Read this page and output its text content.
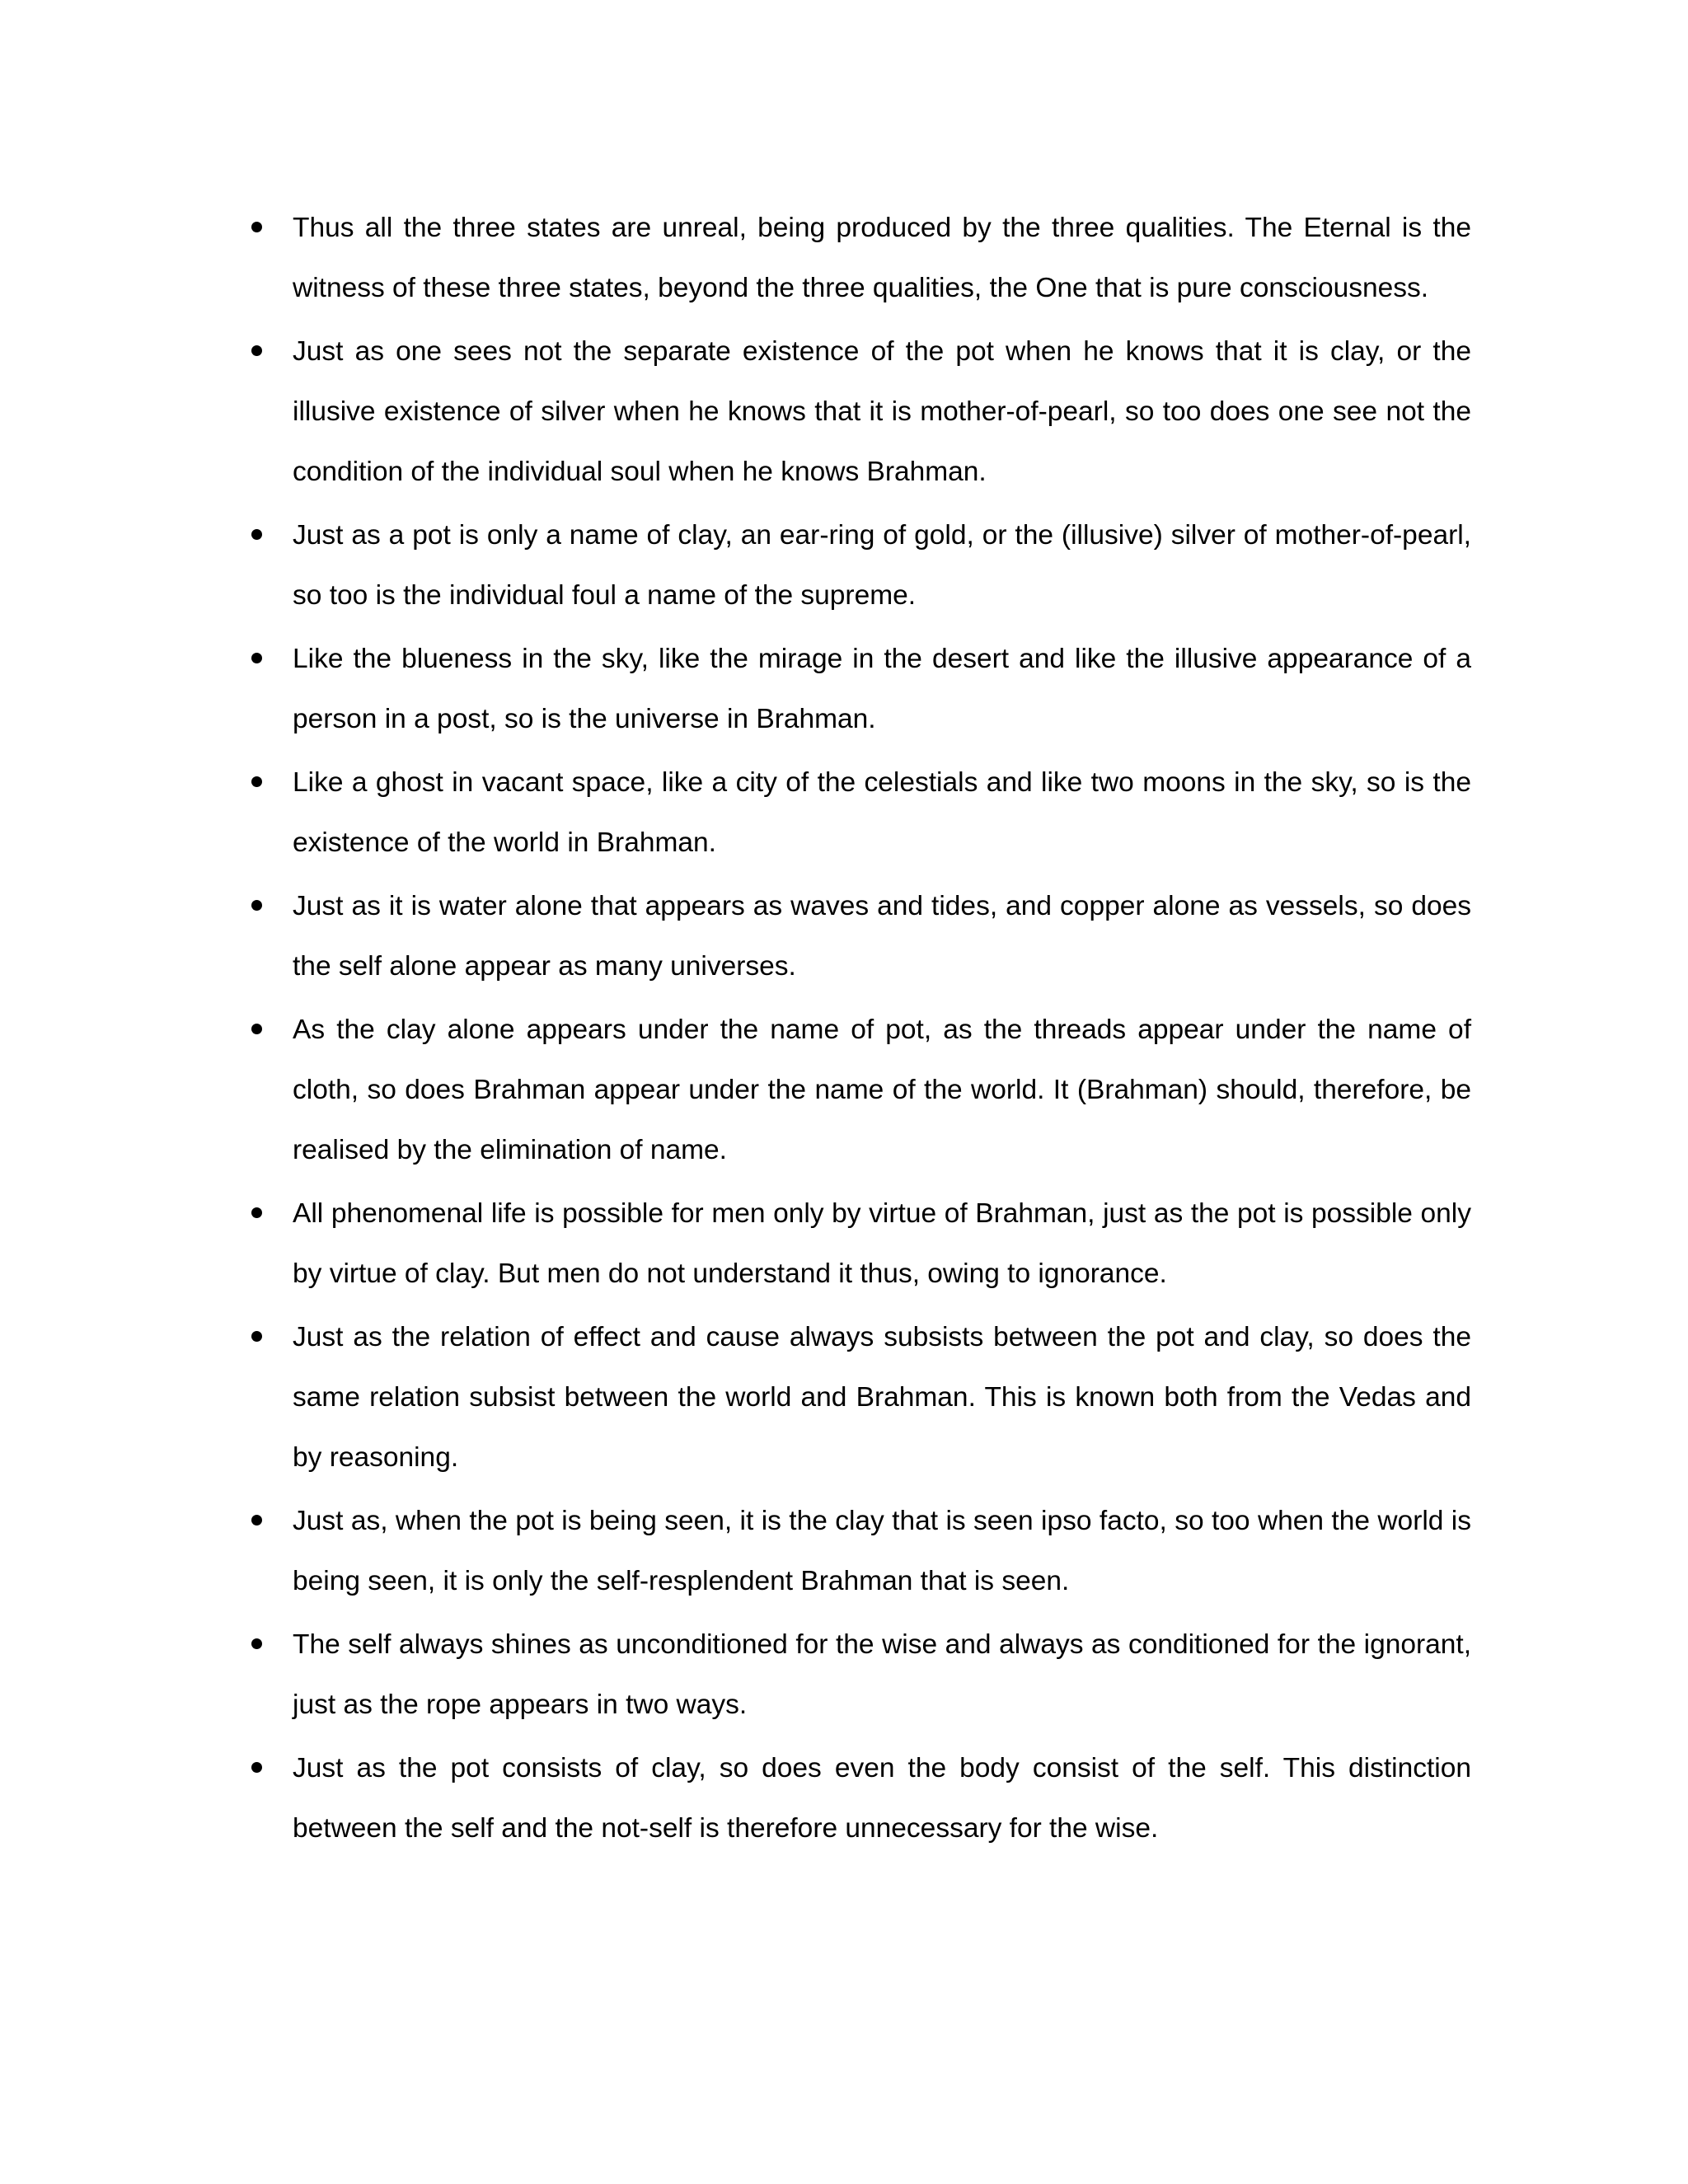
Thus all the three states are unreal, being produced by the three qualities. The Eternal is the witness of these three states, beyond the three qualities, the One that is pure consciousness.

Just as one sees not the separate existence of the pot when he knows that it is clay, or the illusive existence of silver when he knows that it is mother-of-pearl, so too does one see not the condition of the individual soul when he knows Brahman.

Just as a pot is only a name of clay, an ear-ring of gold, or the (illusive) silver of mother-of-pearl, so too is the individual foul a name of the supreme.

Like the blueness in the sky, like the mirage in the desert and like the illusive appearance of a person in a post, so is the universe in Brahman.

Like a ghost in vacant space, like a city of the celestials and like two moons in the sky, so is the existence of the world in Brahman.

Just as it is water alone that appears as waves and tides, and copper alone as vessels, so does the self alone appear as many universes.

As the clay alone appears under the name of pot, as the threads appear under the name of cloth, so does Brahman appear under the name of the world. It (Brahman) should, therefore, be realised by the elimination of name.

All phenomenal life is possible for men only by virtue of Brahman, just as the pot is possible only by virtue of clay. But men do not understand it thus, owing to ignorance.

Just as the relation of effect and cause always subsists between the pot and clay, so does the same relation subsist between the world and Brahman. This is known both from the Vedas and by reasoning.

Just as, when the pot is being seen, it is the clay that is seen ipso facto, so too when the world is being seen, it is only the self-resplendent Brahman that is seen.

The self always shines as unconditioned for the wise and always as conditioned for the ignorant, just as the rope appears in two ways.

Just as the pot consists of clay, so does even the body consist of the self. This distinction between the self and the not-self is therefore unnecessary for the wise.
